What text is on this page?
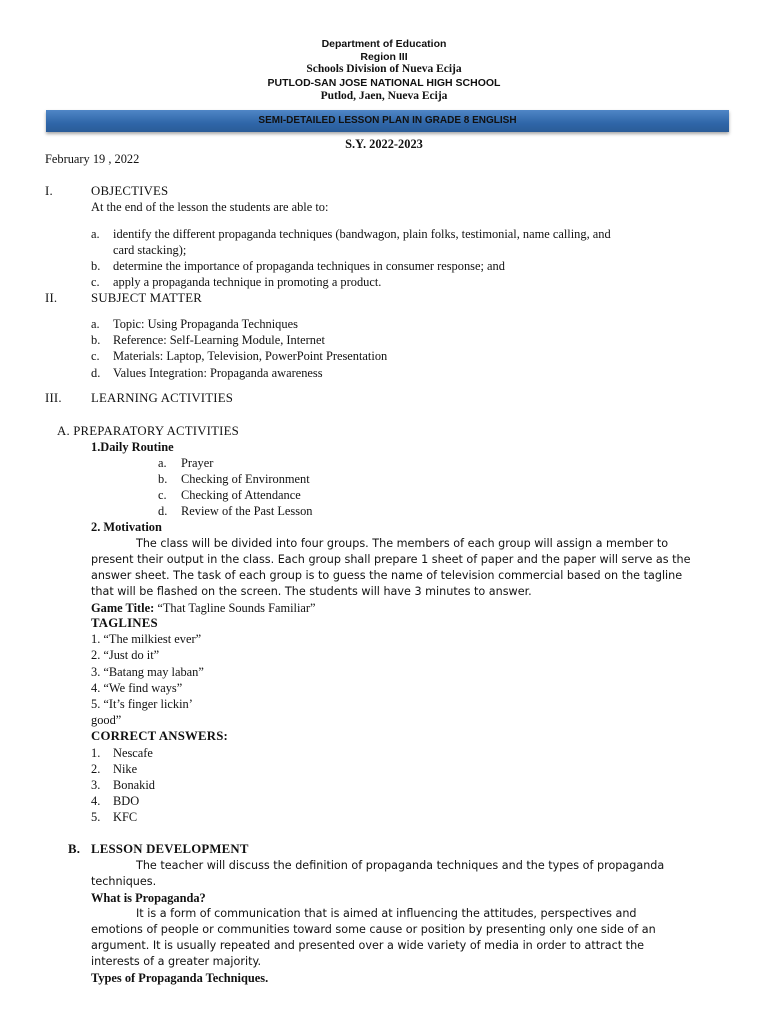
Department of Education
Region III
Schools Division of Nueva Ecija
PUTLOD-SAN JOSE NATIONAL HIGH SCHOOL
Putlod, Jaen, Nueva Ecija
SEMI-DETAILED LESSON PLAN IN GRADE 8 ENGLISH
S.Y. 2022-2023
February 19 , 2022
I.	OBJECTIVES
At the end of the lesson the students are able to:
a. identify the different propaganda techniques (bandwagon, plain folks, testimonial, name calling, and
card stacking);
b. determine the importance of propaganda techniques in consumer response; and
c. apply a propaganda technique in promoting a product.
II.	SUBJECT MATTER
a. Topic: Using Propaganda Techniques
b. Reference: Self-Learning Module, Internet
c. Materials: Laptop, Television, PowerPoint Presentation
d. Values Integration: Propaganda awareness
III. LEARNING ACTIVITIES
A. PREPARATORY ACTIVITIES
1.Daily Routine
a. Prayer
b. Checking of Environment
c. Checking of Attendance
d. Review of the Past Lesson
2. Motivation
The class will be divided into four groups. The members of each group will assign a member to
present their output in the class. Each group shall prepare 1 sheet of paper and the paper will serve as the
answer sheet. The task of each group is to guess the name of television commercial based on the tagline
that will be flashed on the screen. The students will have 3 minutes to answer.
Game Title: “That Tagline Sounds Familiar”
TAGLINES
1. “The milkiest ever”
2. “Just do it”
3. “Batang may laban”
4. “We find ways”
5. “It’s finger lickin’
good”
CORRECT ANSWERS:
1. Nescafe
2. Nike
3. Bonakid
4. BDO
5. KFC
B. LESSON DEVELOPMENT
The teacher will discuss the definition of propaganda techniques and the types of propaganda
techniques.
What is Propaganda?
It is a form of communication that is aimed at influencing the attitudes, perspectives and
emotions of people or communities toward some cause or position by presenting only one side of an
argument. It is usually repeated and presented over a wide variety of media in order to attract the
interests of a greater majority.
Types of Propaganda Techniques.
